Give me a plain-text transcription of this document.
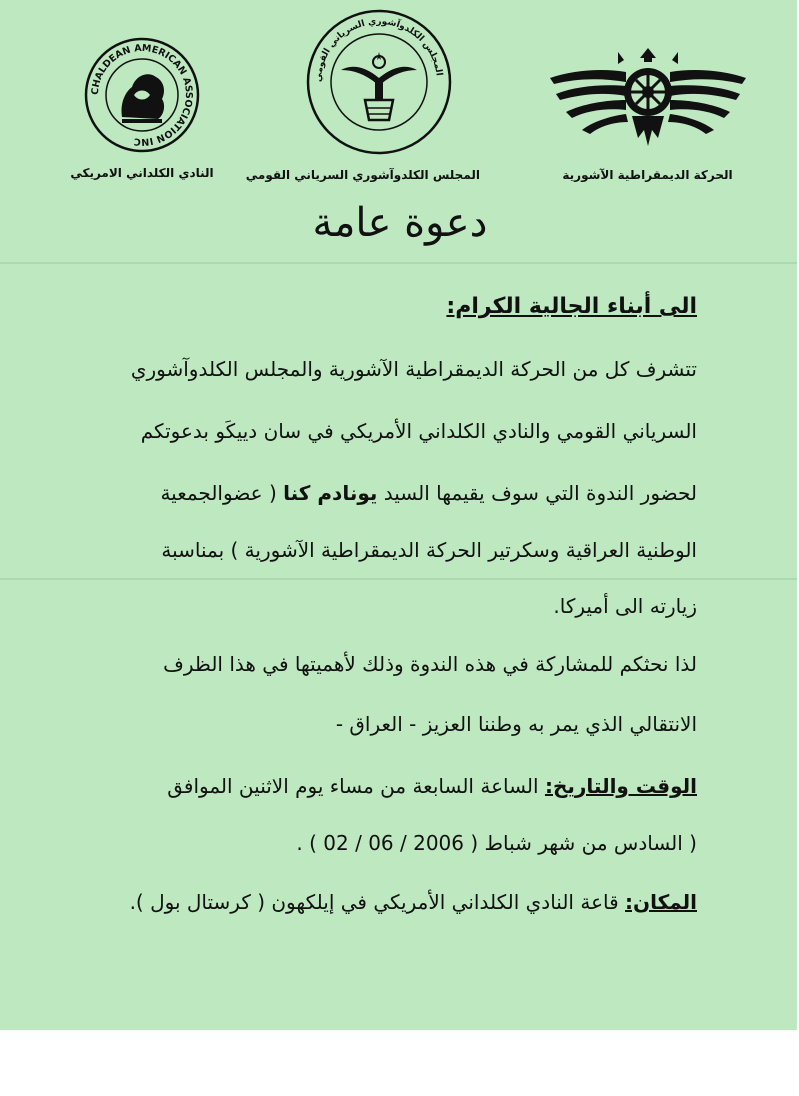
CHALDEAN AMERICAN ASSOCIATION INC
النادي الكلداني الامريكي
المجلس الكلدوآشوري السرياني القومي
المجلس الكلدوآشوري السرياني القومي	الحركة الديمقراطية الآشورية
دعوة عامة
الى أبناء الجالية الكرام:
تتشرف كل من الحركة الديمقراطية الآشورية والمجلس الكلدوآشوري
السرياني القومي والنادي الكلداني الأمريكي في سان دييكَو بدعوتكم
لحضور الندوة التي سوف يقيمها السيد يونادم كنا ( عضوالجمعية
الوطنية العراقية وسكرتير الحركة الديمقراطية الآشورية ) بمناسبة
زيارته الى أميركا.
لذا نحثكم للمشاركة في هذه الندوة وذلك لأهميتها في هذا الظرف
الانتقالي الذي يمر به وطننا العزيز - العراق -
الوقت والتاريخ: الساعة السابعة من مساء يوم الاثنين الموافق
( السادس من شهر شباط ( 2006 / 06 / 02 ) .
المكان: قاعة النادي الكلداني الأمريكي في إيلكهون ( كرستال بول ).
